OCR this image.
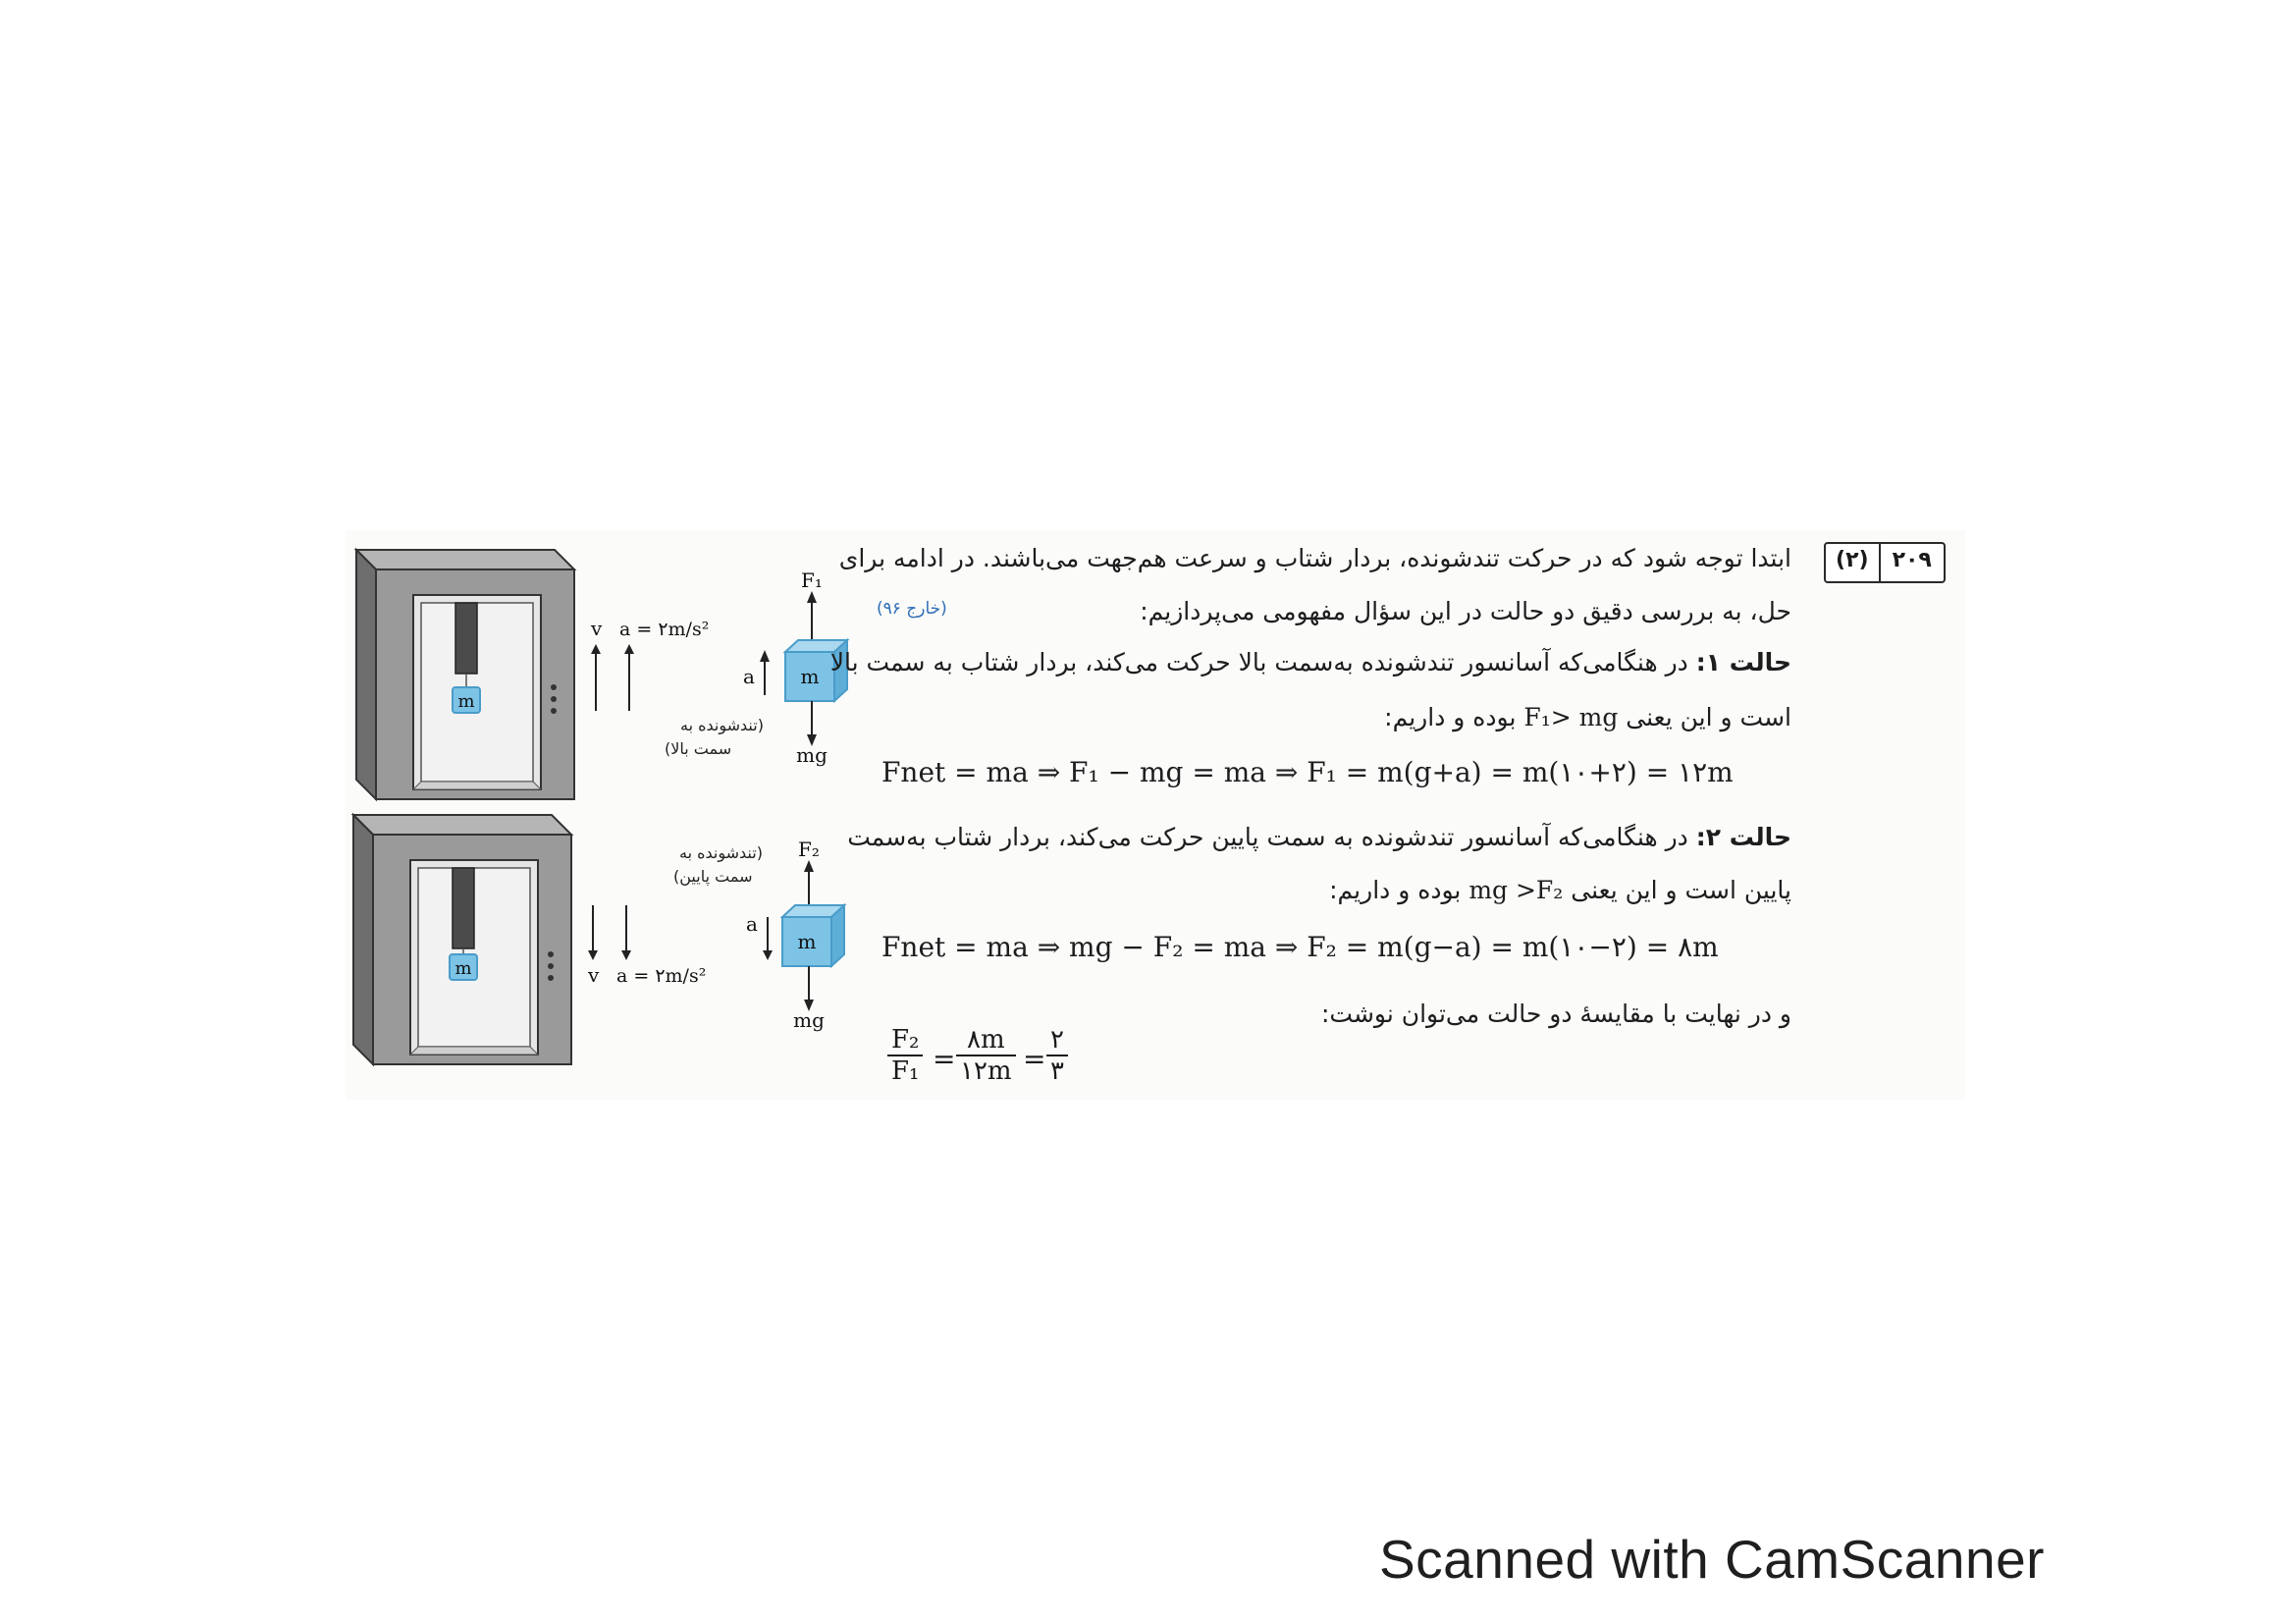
m
v a = ۲m/s²
(تندشونده به
سمت بالا)
F₁
m
mg
a
m
(تندشونده به
سمت پایین)
v a = ۲m/s²
F₂
m
mg
a
۲۰۹
(۲)
ابتدا توجه شود که در حرکت تندشونده، بردار شتاب و سرعت هم‌جهت می‌باشند. در ادامه برای
حل، به بررسی دقیق دو حالت در این سؤال مفهومی می‌پردازیم:
(خارج ۹۶)
حالت ۱: در هنگامی‌که آسانسور تندشونده به‌سمت بالا حرکت می‌کند، بردار شتاب به سمت بالا
است و این یعنی F₁> mg بوده و داریم:
Fnet = ma ⇒ F₁ − mg = ma ⇒ F₁ = m(g+a) = m(۱۰+۲) = ۱۲m
حالت ۲: در هنگامی‌که آسانسور تندشونده به سمت پایین حرکت می‌کند، بردار شتاب به‌سمت
پایین است و این یعنی mg >F₂ بوده و داریم:
Fnet = ma ⇒ mg − F₂ = ma ⇒ F₂ = m(g−a) = m(۱۰−۲) = ۸m
و در نهایت با مقایسهٔ دو حالت می‌توان نوشت:
F₂
F₁ =
۸m
۱۲m =
۲
۳
Scanned with CamScanner
